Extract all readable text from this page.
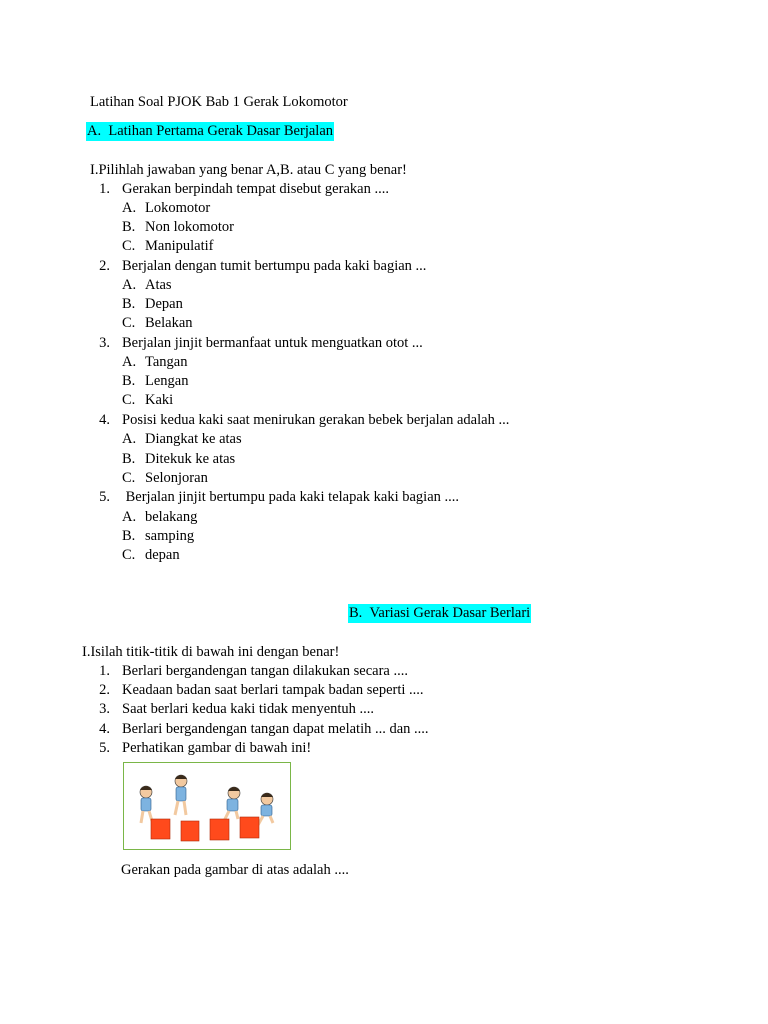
Latihan Soal PJOK Bab 1 Gerak Lokomotor
A. Latihan Pertama Gerak Dasar Berjalan
I.Pilihlah jawaban yang benar A,B. atau C yang benar!
1. Gerakan berpindah tempat disebut gerakan ....
A. Lokomotor
B. Non lokomotor
C. Manipulatif
2. Berjalan dengan tumit bertumpu pada kaki bagian ...
A. Atas
B. Depan
C. Belakan
3. Berjalan jinjit bermanfaat untuk menguatkan otot ...
A. Tangan
B. Lengan
C. Kaki
4. Posisi kedua kaki saat menirukan gerakan bebek berjalan adalah ...
A. Diangkat ke atas
B. Ditekuk ke atas
C. Selonjoran
5. Berjalan jinjit bertumpu pada kaki telapak kaki bagian ....
A. belakang
B. samping
C. depan
B. Variasi Gerak Dasar Berlari
I.Isilah titik-titik di bawah ini dengan benar!
1. Berlari bergandengan tangan dilakukan secara ....
2. Keadaan badan saat berlari tampak badan seperti ....
3. Saat berlari kedua kaki tidak menyentuh ....
4. Berlari bergandengan tangan dapat melatih ... dan ....
5. Perhatikan gambar di bawah ini!
Gerakan pada gambar di atas adalah ....
